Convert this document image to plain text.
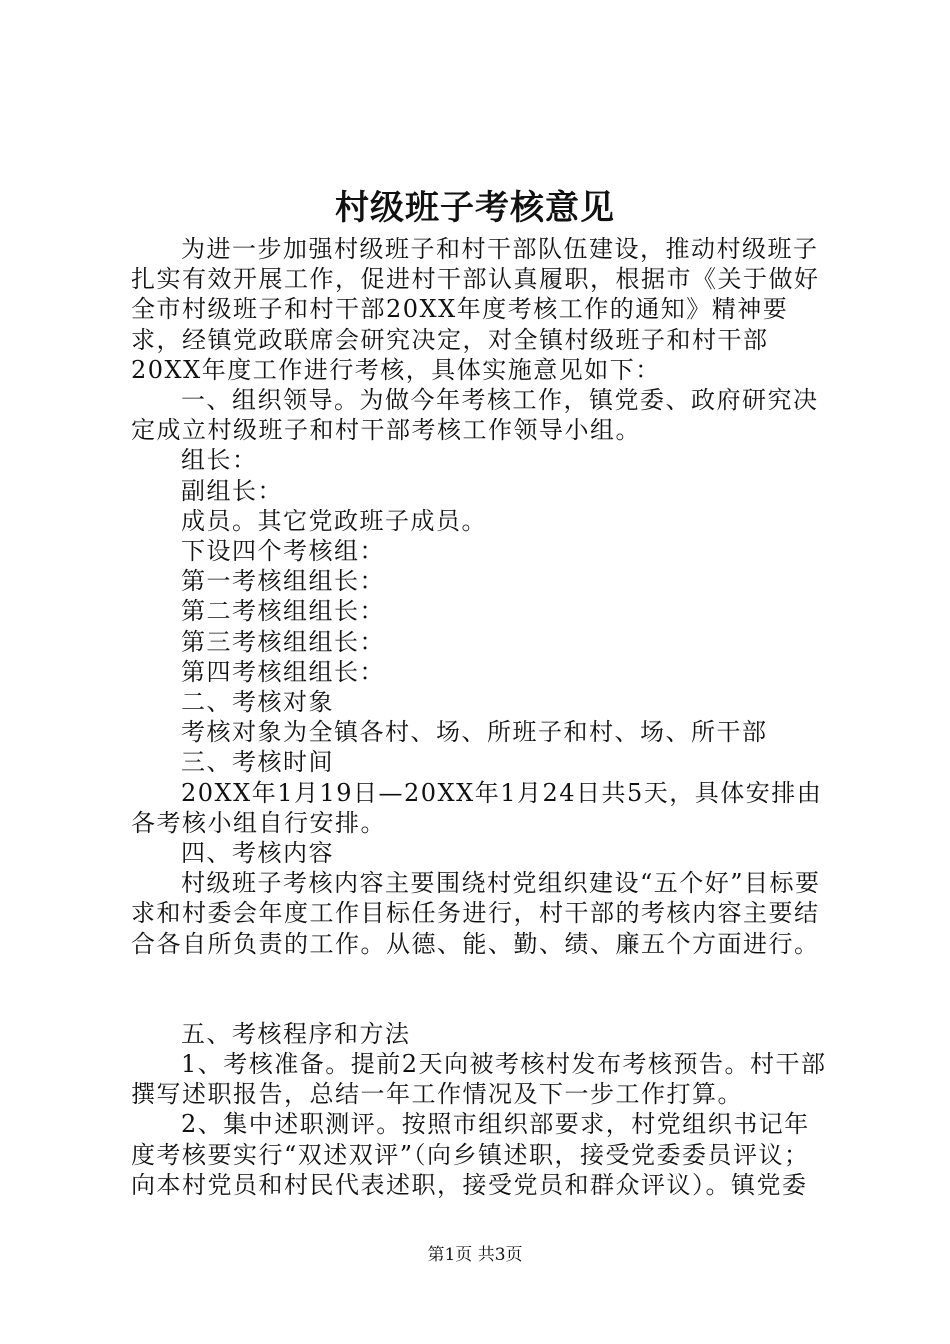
村级班子考核意见

为进一步加强村级班子和村干部队伍建设，推动村级班子扎实有效开展工作，促进村干部认真履职，根据市《关于做好全市村级班子和村干部20XX年度考核工作的通知》精神要求，经镇党政联席会研究决定，对全镇村级班子和村干部20XX年度工作进行考核，具体实施意见如下：

一、组织领导。为做今年考核工作，镇党委、政府研究决定成立村级班子和村干部考核工作领导小组。

组长：

副组长：

成员。其它党政班子成员。

下设四个考核组：

第一考核组组长：

第二考核组组长：

第三考核组组长：

第四考核组组长：

二、考核对象

考核对象为全镇各村、场、所班子和村、场、所干部

三、考核时间

20XX年1月19日—20XX年1月24日共5天，具体安排由各考核小组自行安排。

四、考核内容

村级班子考核内容主要围绕村党组织建设“五个好”目标要求和村委会年度工作目标任务进行，村干部的考核内容主要结合各自所负责的工作。从德、能、勤、绩、廉五个方面进行。

五、考核程序和方法

1、考核准备。提前2天向被考核村发布考核预告。村干部撰写述职报告，总结一年工作情况及下一步工作打算。

2、集中述职测评。按照市组织部要求，村党组织书记年度考核要实行“双述双评”（向乡镇述职，接受党委委员评议；向本村党员和村民代表述职，接受党员和群众评议）。镇党委

第1页 共3页
